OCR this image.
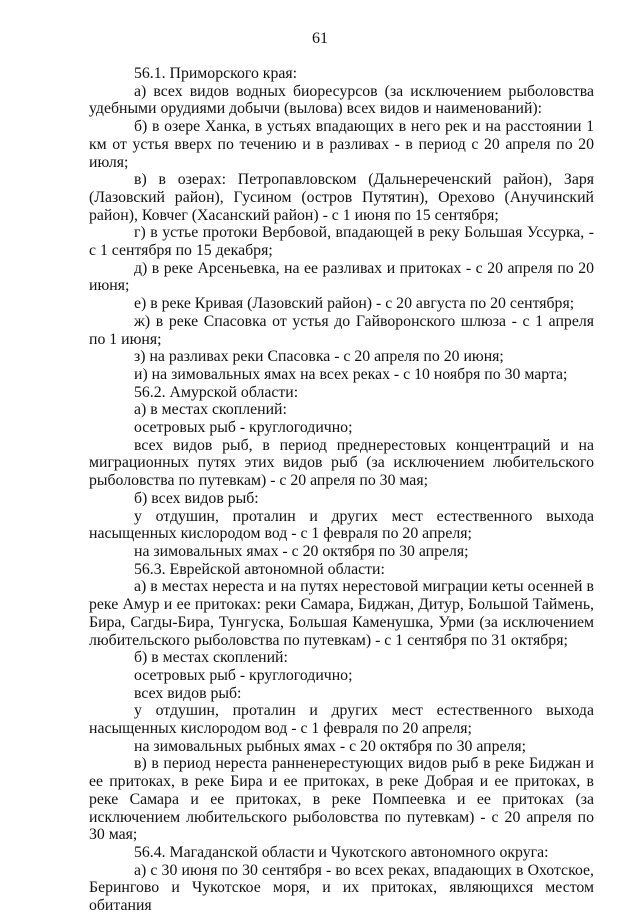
61

56.1. Приморского края:

а) всех видов водных биоресурсов (за исключением рыболовства удебными орудиями добычи (вылова) всех видов и наименований):

б) в озере Ханка, в устьях впадающих в него рек и на расстоянии 1 км от устья вверх по течению и в разливах - в период с 20 апреля по 20 июля;

в) в озерах: Петропавловском (Дальнереченский район), Заря (Лазовский район), Гусином (остров Путятин), Орехово (Анучинский район), Ковчег (Хасанский район) - с 1 июня по 15 сентября;

г) в устье протоки Вербовой, впадающей в реку Большая Уссурка, - с 1 сентября по 15 декабря;

д) в реке Арсеньевка, на ее разливах и притоках - с 20 апреля по 20 июня;

е) в реке Кривая (Лазовский район) - с 20 августа по 20 сентября;

ж) в реке Спасовка от устья до Гайворонского шлюза - с 1 апреля по 1 июня;

з) на разливах реки Спасовка - с 20 апреля по 20 июня;

и) на зимовальных ямах на всех реках - с 10 ноября по 30 марта;

56.2. Амурской области:

а) в местах скоплений:

осетровых рыб - круглогодично;

всех видов рыб, в период преднерестовых концентраций и на миграционных путях этих видов рыб (за исключением любительского рыболовства по путевкам) - с 20 апреля по 30 мая;

б) всех видов рыб:

у отдушин, проталин и других мест естественного выхода насыщенных кислородом вод - с 1 февраля по 20 апреля;

на зимовальных ямах - с 20 октября по 30 апреля;

56.3. Еврейской автономной области:

а) в местах нереста и на путях нерестовой миграции кеты осенней в реке Амур и ее притоках: реки Самара, Биджан, Дитур, Большой Таймень, Бира, Сагды-Бира, Тунгуска, Большая Каменушка, Урми (за исключением любительского рыболовства по путевкам) - с 1 сентября по 31 октября;

б) в местах скоплений:

осетровых рыб - круглогодично;

всех видов рыб:

у отдушин, проталин и других мест естественного выхода насыщенных кислородом вод - с 1 февраля по 20 апреля;

на зимовальных рыбных ямах - с 20 октября по 30 апреля;

в) в период нереста ранненерестующих видов рыб в реке Биджан и ее притоках, в реке Бира и ее притоках, в реке Добрая и ее притоках, в реке Самара и ее притоках, в реке Помпеевка и ее притоках (за исключением любительского рыболовства по путевкам) - с 20 апреля по 30 мая;

56.4. Магаданской области и Чукотского автономного округа:

а) с 30 июня по 30 сентября - во всех реках, впадающих в Охотское, Берингово и Чукотское моря, и их притоках, являющихся местом обитания
